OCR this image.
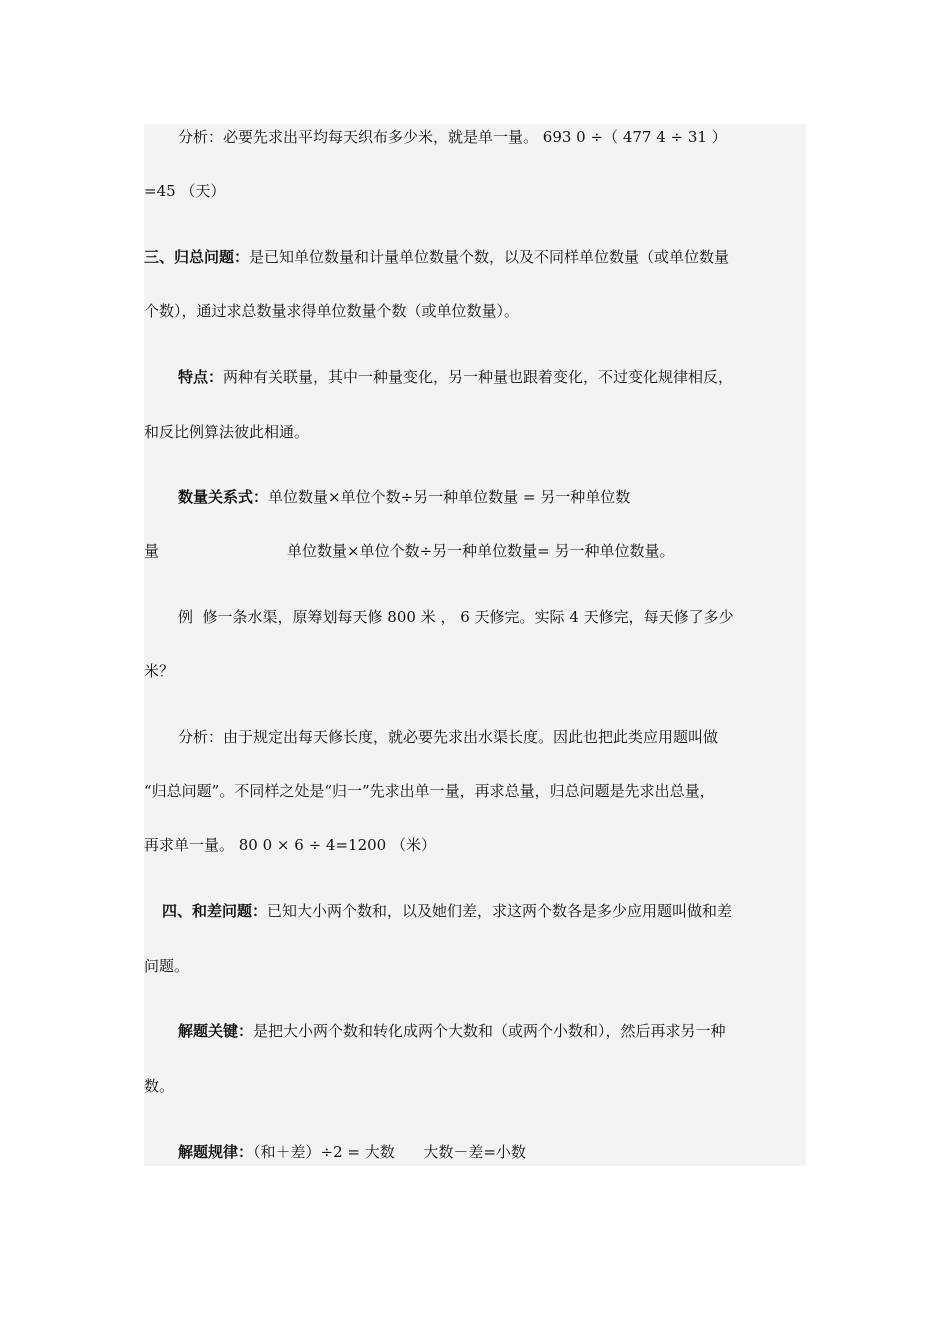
分析：必要先求出平均每天织布多少米，就是单一量。 693 0 ÷（ 477 4 ÷ 31 ）
=45 （天）
三、归总问题：是已知单位数量和计量单位数量个数，以及不同样单位数量（或单位数量
个数），通过求总数量求得单位数量个数（或单位数量）。
特点：两种有关联量，其中一种量变化，另一种量也跟着变化，不过变化规律相反，
和反比例算法彼此相通。
数量关系式：单位数量×单位个数÷另一种单位数量 = 另一种单位数
量	单位数量×单位个数÷另一种单位数量= 另一种单位数量。
例  修一条水渠，原筹划每天修 800 米 ， 6 天修完。实际 4 天修完，每天修了多少
米？
分析：由于规定出每天修长度，就必要先求出水渠长度。因此也把此类应用题叫做
“归总问题”。不同样之处是“归一”先求出单一量，再求总量，归总问题是先求出总量，
再求单一量。 80 0 × 6 ÷ 4=1200 （米）
四、和差问题：已知大小两个数和，以及她们差，求这两个数各是多少应用题叫做和差
问题。
解题关键：是把大小两个数和转化成两个大数和（或两个小数和），然后再求另一种
数。
解题规律：（和＋差）÷2 = 大数      大数－差=小数
